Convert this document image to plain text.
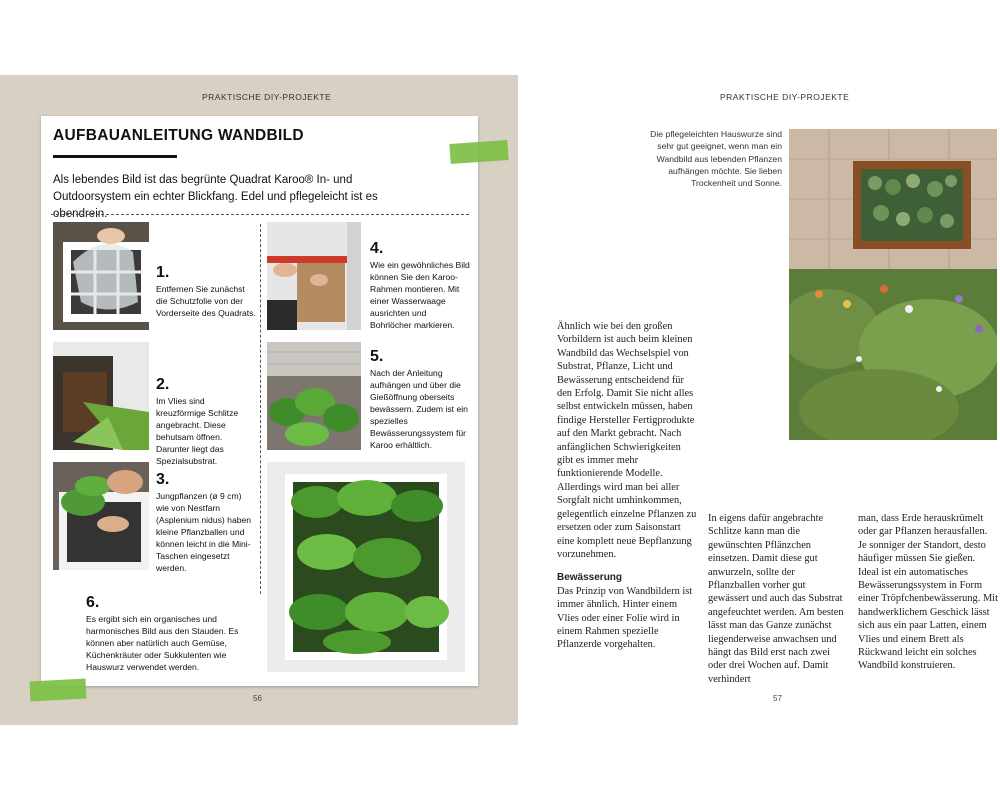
PRAKTISCHE DIY-PROJEKTE
AUFBAUANLEITUNG WANDBILD
Als lebendes Bild ist das begrünte Quadrat Karoo® In- und Outdoorsystem ein echter Blickfang. Edel und pflegeleicht ist es obendrein.
1.
Entfernen Sie zunächst die Schutzfolie von der Vorderseite des Quadrats.
2.
Im Vlies sind kreuzförmige Schlitze angebracht. Diese behutsam öffnen. Darunter liegt das Spezialsubstrat.
3.
Jungpflanzen (ø 9 cm) wie von Nestfarn (Asplenium nidus) haben kleine Pflanzballen und können leicht in die Mini-Taschen eingesetzt werden.
4.
Wie ein gewöhnliches Bild können Sie den Karoo-Rahmen montieren. Mit einer Wasserwaage ausrichten und Bohrlöcher markieren.
5.
Nach der Anleitung aufhängen und über die Gießöffnung oberseits bewässern. Zudem ist ein spezielles Bewässerungssystem für Karoo erhältlich.
6.
Es ergibt sich ein organisches und harmonisches Bild aus den Stauden. Es können aber natürlich auch Gemüse, Küchenkräuter oder Sukkulenten wie Hauswurz verwendet werden.
56
PRAKTISCHE DIY-PROJEKTE
Die pflegeleichten Hauswurze sind sehr gut geeignet, wenn man ein Wandbild aus lebenden Pflanzen aufhängen möchte. Sie lieben Trockenheit und Sonne.
Ähnlich wie bei den großen Vorbildern ist auch beim kleinen Wandbild das Wechselspiel von Substrat, Pflanze, Licht und Bewässerung entscheidend für den Erfolg. Damit Sie nicht alles selbst entwickeln müssen, haben findige Hersteller Fertigprodukte auf den Markt gebracht. Nach anfänglichen Schwierigkeiten gibt es immer mehr funktionierende Modelle. Allerdings wird man bei aller Sorgfalt nicht umhinkommen, gelegentlich einzelne Pflanzen zu ersetzen oder zum Saisonstart eine komplett neue Bepflanzung vorzunehmen.
Bewässerung
Das Prinzip von Wandbildern ist immer ähnlich. Hinter einem Vlies oder einer Folie wird in einem Rahmen spezielle Pflanzerde vorgehalten.
In eigens dafür angebrachte Schlitze kann man die gewünschten Pflänzchen einsetzen. Damit diese gut anwurzeln, sollte der Pflanzballen vorher gut gewässert und auch das Substrat angefeuchtet werden. Am besten lässt man das Ganze zunächst liegenderweise anwachsen und hängt das Bild erst nach zwei oder drei Wochen auf. Damit verhindert
man, dass Erde herauskrümelt oder gar Pflanzen herausfallen. Je sonniger der Standort, desto häufiger müssen Sie gießen. Ideal ist ein automatisches Bewässerungssystem in Form einer Tröpfchenbewässerung. Mit handwerklichem Geschick lässt sich aus ein paar Latten, einem Vlies und einem Brett als Rückwand leicht ein solches Wandbild konstruieren.
57
